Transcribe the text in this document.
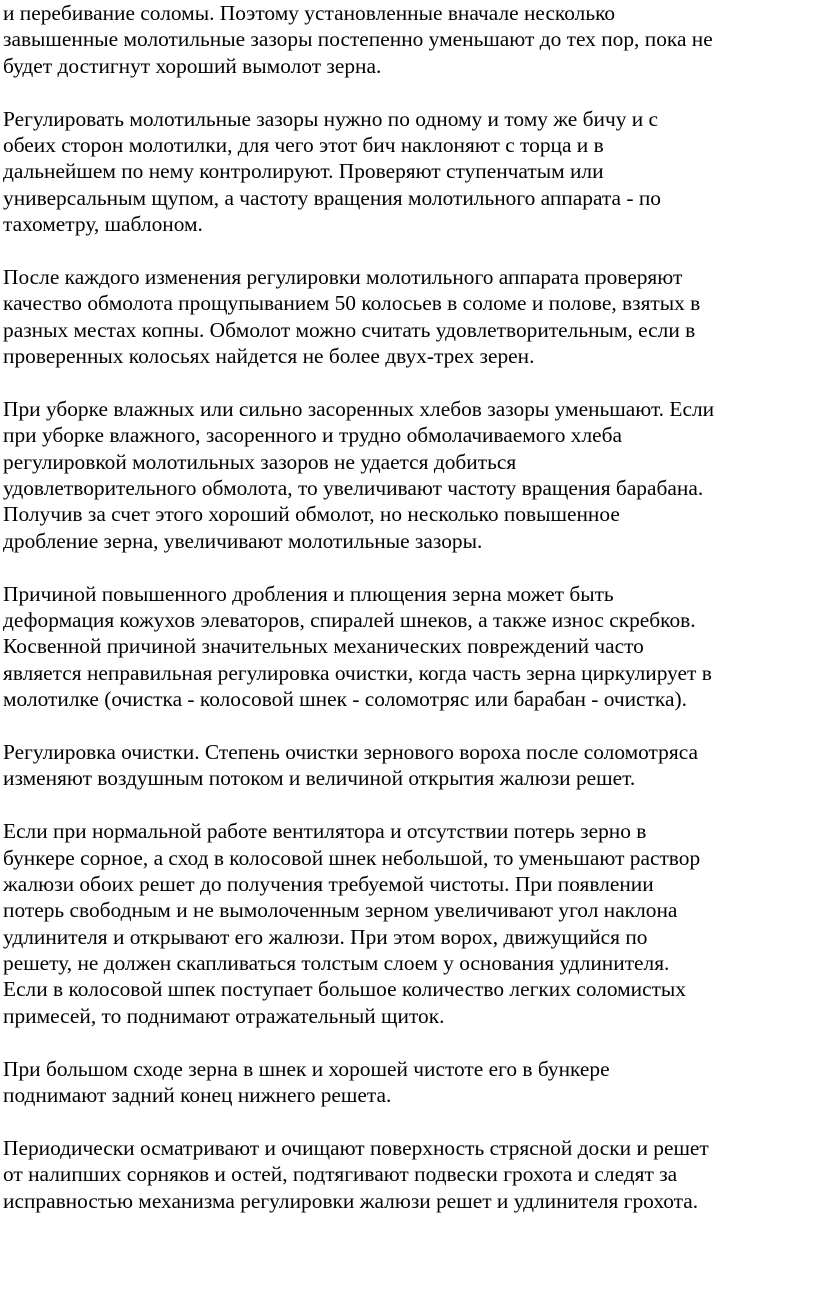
и перебивание соломы. Поэтому установленные вначале несколько
завышенные молотильные зазоры постепенно уменьшают до тех пор, пока не
будет достигнут хороший вымолот зерна.
Регулировать молотильные зазоры нужно по одному и тому же бичу и с
обеих сторон молотилки, для чего этот бич наклоняют с торца и в
дальнейшем по нему контролируют. Проверяют ступенчатым или
универсальным щупом, а частоту вращения молотильного аппарата - по
тахометру, шаблоном.
После каждого изменения регулировки молотильного аппарата проверяют
качество обмолота прощупыванием 50 колосьев в соломе и полове, взятых в
разных местах копны. Обмолот можно считать удовлетворительным, если в
проверенных колосьях найдется не более двух-трех зерен.
При уборке влажных или сильно засоренных хлебов зазоры уменьшают. Если
при уборке влажного, засоренного и трудно обмолачиваемого хлеба
регулировкой молотильных зазоров не удается добиться
удовлетворительного обмолота, то увеличивают частоту вращения барабана.
Получив за счет этого хороший обмолот, но несколько повышенное
дробление зерна, увеличивают молотильные зазоры.
Причиной повышенного дробления и плющения зерна может быть
деформация кожухов элеваторов, спиралей шнеков, а также износ скребков.
Косвенной причиной значительных механических повреждений часто
является неправильная регулировка очистки, когда часть зерна циркулирует в
молотилке (очистка - колосовой шнек - соломотряс или барабан - очистка).
Регулировка очистки. Степень очистки зернового вороха после соломотряса
изменяют воздушным потоком и величиной открытия жалюзи решет.
Если при нормальной работе вентилятора и отсутствии потерь зерно в
бункере сорное, а сход в колосовой шнек небольшой, то уменьшают раствор
жалюзи обоих решет до получения требуемой чистоты. При появлении
потерь свободным и не вымолоченным зерном увеличивают угол наклона
удлинителя и открывают его жалюзи. При этом ворох, движущийся по
решету, не должен скапливаться толстым слоем у основания удлинителя.
Если в колосовой шпек поступает большое количество легких соломистых
примесей, то поднимают отражательный щиток.
При большом сходе зерна в шнек и хорошей чистоте его в бункере
поднимают задний конец нижнего решета.
Периодически осматривают и очищают поверхность стрясной доски и решет
от налипших сорняков и остей, подтягивают подвески грохота и следят за
исправностью механизма регулировки жалюзи решет и удлинителя грохота.
